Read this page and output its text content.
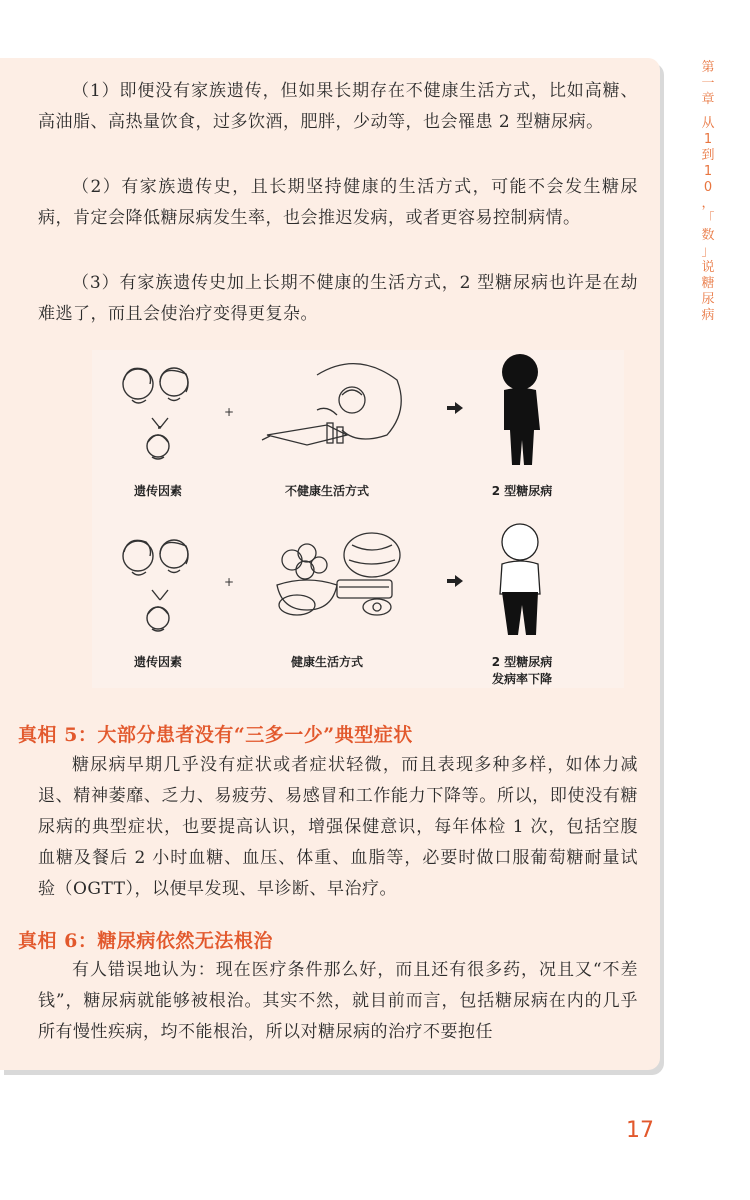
（1）即便没有家族遗传，但如果长期存在不健康生活方式，比如高糖、高油脂、高热量饮食，过多饮酒，肥胖，少动等，也会罹患 2 型糖尿病。

（2）有家族遗传史，且长期坚持健康的生活方式，可能不会发生糖尿病，肯定会降低糖尿病发生率，也会推迟发病，或者更容易控制病情。

（3）有家族遗传史加上长期不健康的生活方式，2 型糖尿病也许是在劫难逃了，而且会使治疗变得更复杂。

+
遗传因素	不健康生活方式	2 型糖尿病
+
遗传因素	健康生活方式	2 型糖尿病
发病率下降

真相 5：大部分患者没有“三多一少”典型症状

糖尿病早期几乎没有症状或者症状轻微，而且表现多种多样，如体力减退、精神萎靡、乏力、易疲劳、易感冒和工作能力下降等。所以，即使没有糖尿病的典型症状，也要提高认识，增强保健意识，每年体检 1 次，包括空腹血糖及餐后 2 小时血糖、血压、体重、血脂等，必要时做口服葡萄糖耐量试验（OGTT），以便早发现、早诊断、早治疗。

真相 6：糖尿病依然无法根治

有人错误地认为：现在医疗条件那么好，而且还有很多药，况且又“不差钱”，糖尿病就能够被根治。其实不然，就目前而言，包括糖尿病在内的几乎所有慢性疾病，均不能根治，所以对糖尿病的治疗不要抱任

第
一
章

从
1
到
1
0
，
「
数
」
说
糖
尿
病
17
